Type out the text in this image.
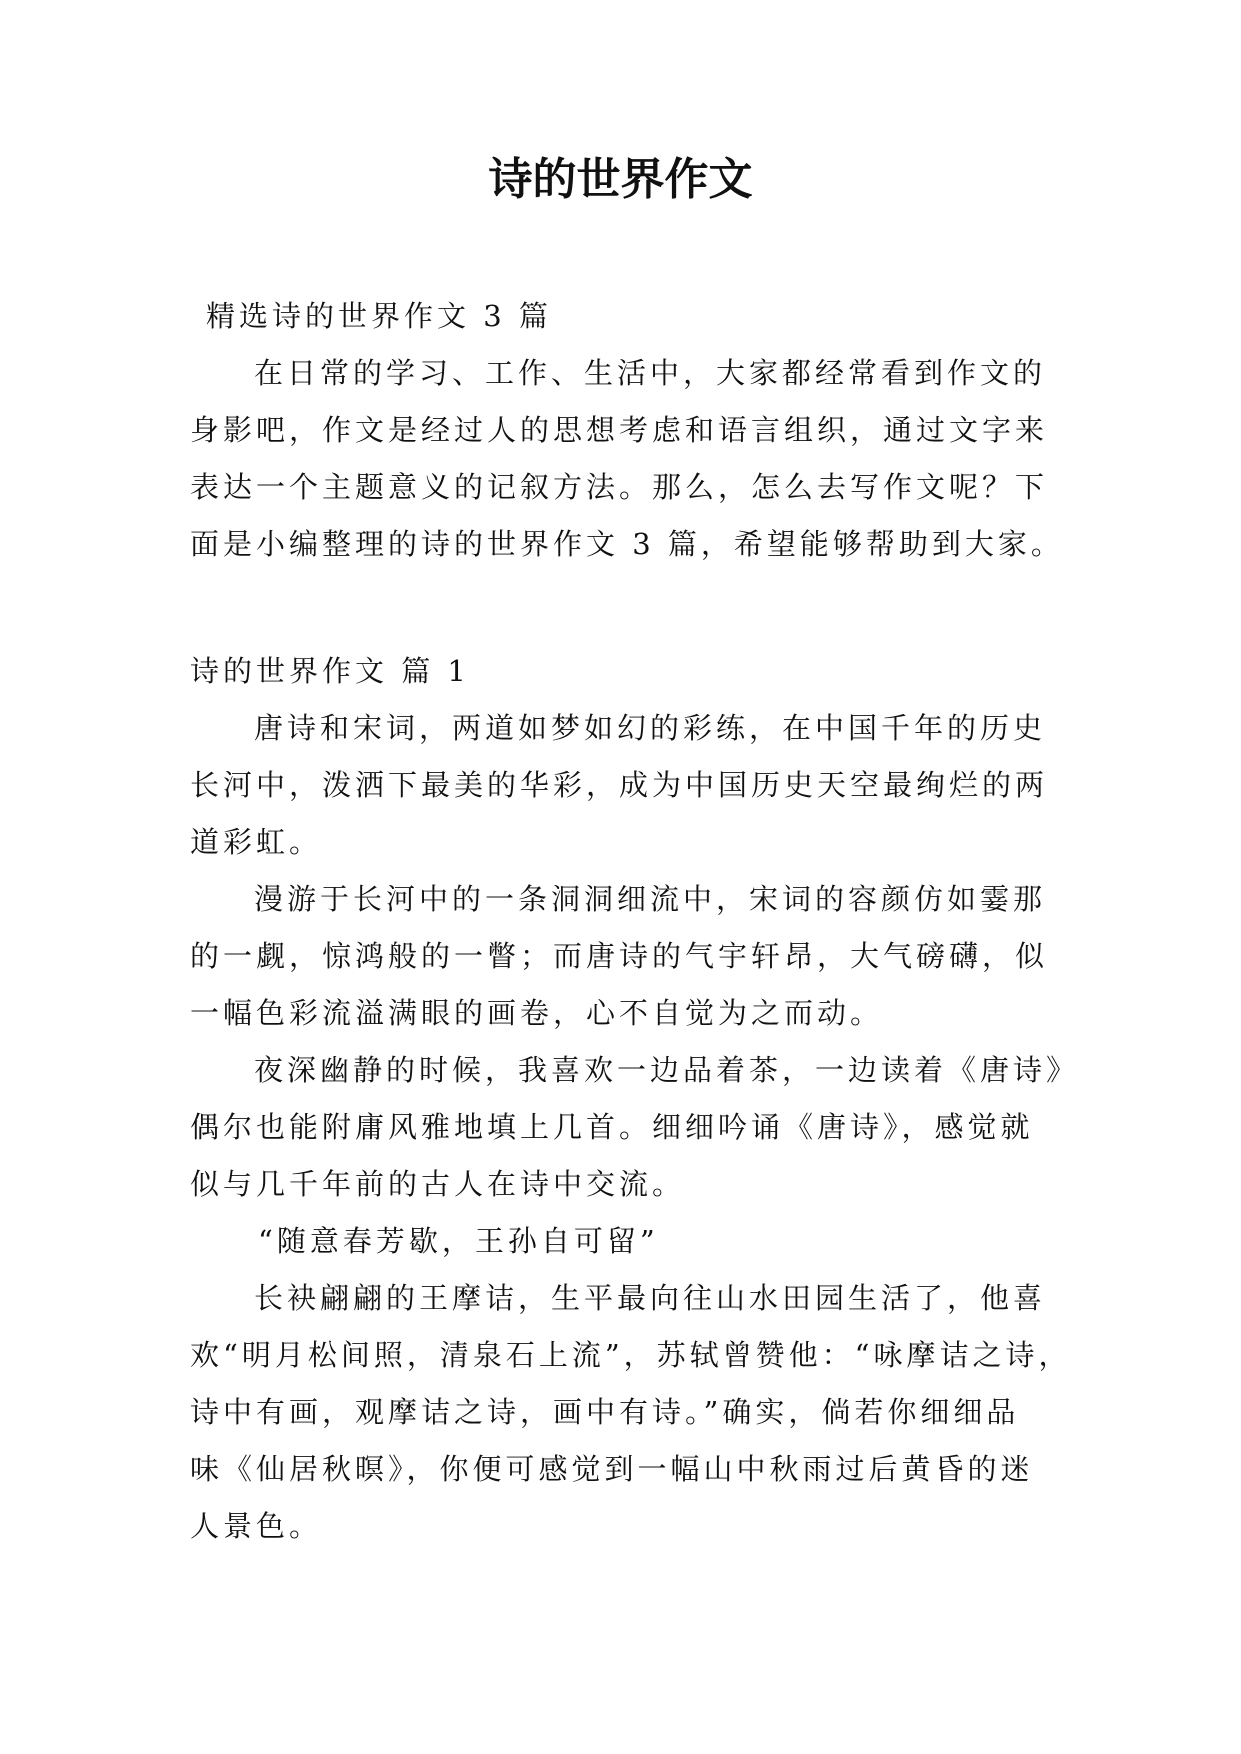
诗的世界作文

精选诗的世界作文 3 篇

在日常的学习、工作、生活中，大家都经常看到作文的

身影吧，作文是经过人的思想考虑和语言组织，通过文字来

表达一个主题意义的记叙方法。那么，怎么去写作文呢？下

面是小编整理的诗的世界作文 3 篇，希望能够帮助到大家。

诗的世界作文 篇 1

唐诗和宋词，两道如梦如幻的彩练，在中国千年的历史

长河中，泼洒下最美的华彩，成为中国历史天空最绚烂的两

道彩虹。

漫游于长河中的一条洞洞细流中，宋词的容颜仿如霎那

的一觑，惊鸿般的一瞥；而唐诗的气宇轩昂，大气磅礴，似

一幅色彩流溢满眼的画卷，心不自觉为之而动。

夜深幽静的时候，我喜欢一边品着茶，一边读着《唐诗》

偶尔也能附庸风雅地填上几首。细细吟诵《唐诗》，感觉就

似与几千年前的古人在诗中交流。

“随意春芳歇，王孙自可留”

长袂翩翩的王摩诘，生平最向往山水田园生活了，他喜

欢“明月松间照，清泉石上流”，苏轼曾赞他：“咏摩诘之诗，

诗中有画，观摩诘之诗，画中有诗。”确实，倘若你细细品

味《仙居秋暝》，你便可感觉到一幅山中秋雨过后黄昏的迷

人景色。
